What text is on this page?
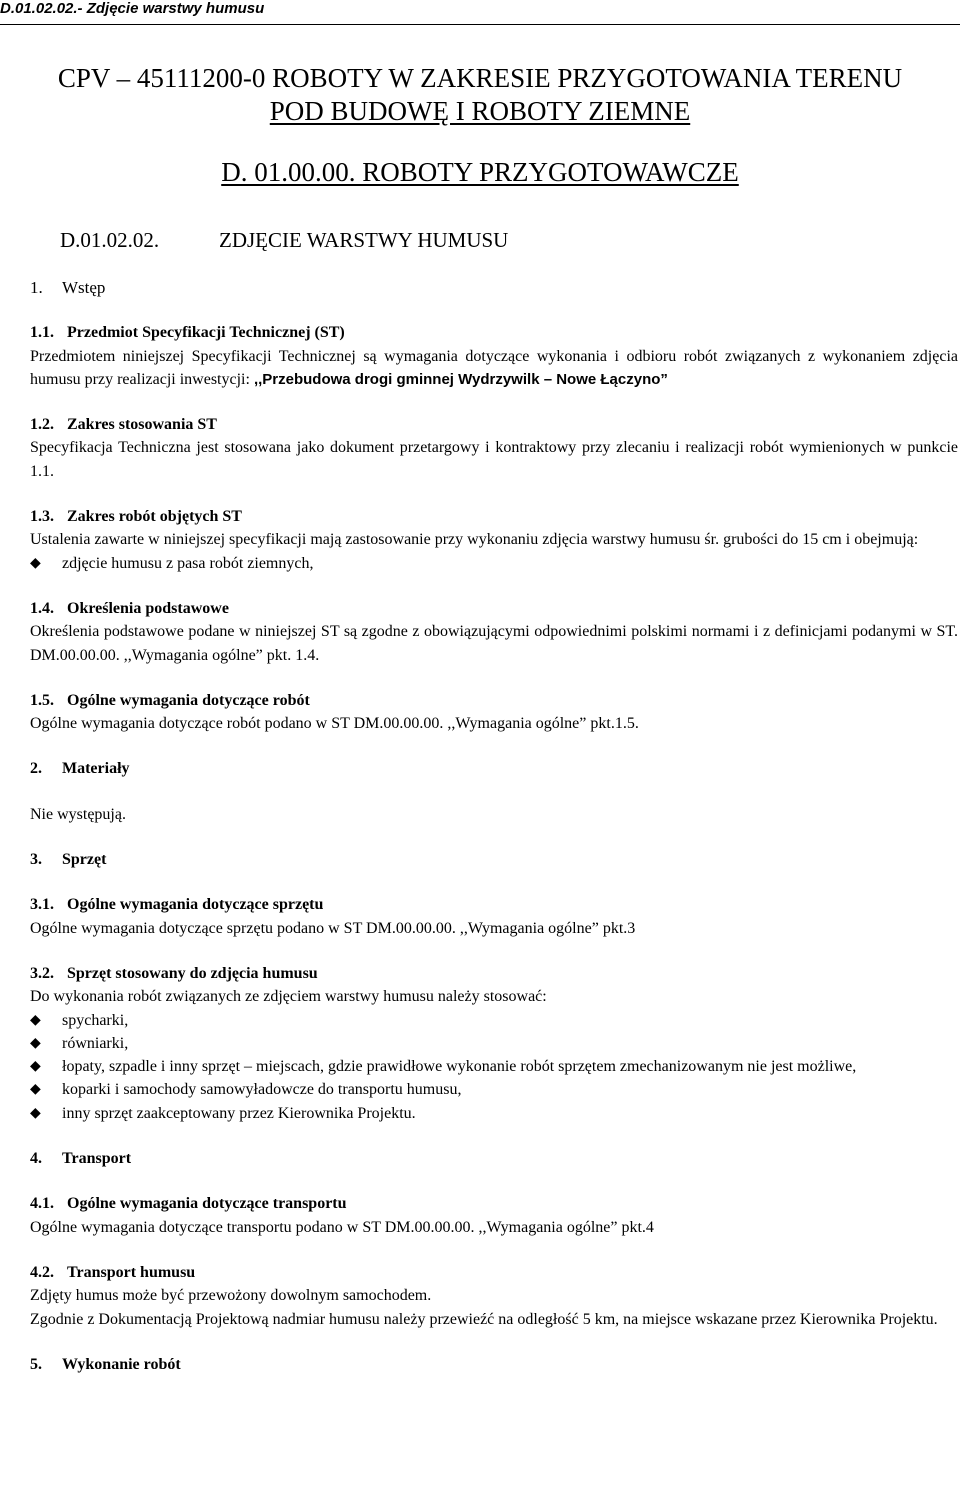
D.01.02.02.- Zdjęcie warstwy humusu
CPV – 45111200-0 ROBOTY W ZAKRESIE PRZYGOTOWANIA TERENU
POD BUDOWĘ I ROBOTY ZIEMNE
D. 01.00.00. ROBOTY PRZYGOTOWAWCZE
D.01.02.02.	ZDJĘCIE WARSTWY HUMUSU
1.	Wstęp
1.1. Przedmiot Specyfikacji Technicznej (ST)

Przedmiotem niniejszej Specyfikacji Technicznej są wymagania dotyczące wykonania i odbioru robót związanych z wykonaniem zdjęcia humusu przy realizacji inwestycji: ,,Przebudowa drogi gminnej Wydrzywilk – Nowe Łączyno”

1.2. Zakres stosowania ST

Specyfikacja Techniczna jest stosowana jako dokument przetargowy i kontraktowy przy zlecaniu i realizacji robót wymienionych w punkcie 1.1.

1.3. Zakres robót objętych ST

Ustalenia zawarte w niniejszej specyfikacji mają zastosowanie przy wykonaniu zdjęcia warstwy humusu śr. grubości do 15 cm i obejmują:

◆	zdjęcie humusu z pasa robót ziemnych,
1.4. Określenia podstawowe

Określenia podstawowe podane w niniejszej ST są zgodne z obowiązującymi odpowiednimi polskimi normami i z definicjami podanymi w ST. DM.00.00.00. ,,Wymagania ogólne” pkt. 1.4.

1.5. Ogólne wymagania dotyczące robót

Ogólne wymagania dotyczące robót podano w ST DM.00.00.00. ,,Wymagania ogólne” pkt.1.5.

2.	Materiały

Nie występują.

3.	Sprzęt
3.1. Ogólne wymagania dotyczące sprzętu

Ogólne wymagania dotyczące sprzętu podano w ST DM.00.00.00. ,,Wymagania ogólne” pkt.3

3.2. Sprzęt stosowany do zdjęcia humusu

Do wykonania robót związanych ze zdjęciem warstwy humusu należy stosować:

◆	spycharki,
◆	równiarki,
◆	łopaty, szpadle i inny sprzęt – miejscach, gdzie prawidłowe wykonanie robót sprzętem zmechanizowanym nie jest możliwe,
◆	koparki i samochody samowyładowcze do transportu humusu,
◆	inny sprzęt zaakceptowany przez Kierownika Projektu.
4.	Transport
4.1. Ogólne wymagania dotyczące transportu

Ogólne wymagania dotyczące transportu podano w ST DM.00.00.00. ,,Wymagania ogólne” pkt.4

4.2. Transport humusu

Zdjęty humus może być przewożony dowolnym samochodem.

Zgodnie z Dokumentacją Projektową nadmiar humusu należy przewieźć na odległość 5 km, na miejsce wskazane przez Kierownika Projektu.

5.	Wykonanie robót
